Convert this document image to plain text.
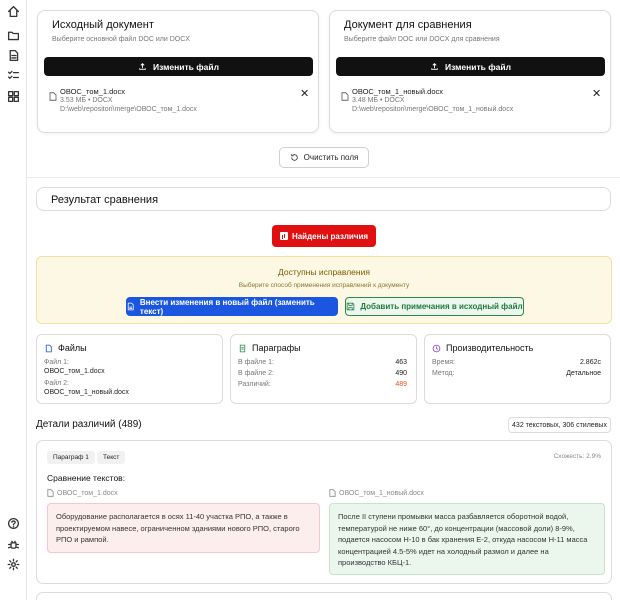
Исходный документ
Выберите основной файл DOC или DOCX
Изменить файл
ОВОС_том_1.docx
3.53 МБ • DOCX
D:\web\repositori\merge\ОВОС_том_1.docx
✕
Документ для сравнения
Выберите файл DOC или DOCX для сравнения
Изменить файл
ОВОС_том_1_новый.docx
3.48 МБ • DOCX
D:\web\repositori\merge\ОВОС_том_1_новый.docx
✕
Очистить поля
Результат сравнения
Найдены различия
Доступны исправления
Выберите способ применения исправлений к документу
Внести изменения в новый файл (заменить текст)	Добавить примечания в исходный файл
Файлы
Файл 1:
ОВОС_том_1.docx
Файл 2:
ОВОС_том_1_новый.docx
Параграфы
В файле 1:	463
В файле 2:	490
Различий:	489
Производительность
Время:	2.862с
Метод:	Детальное
Детали различий (489)	432 текстовых, 306 стилевых
Параграф 1	Текст	Схожесть: 2.9%
Сравнение текстов:
ОВОС_том_1.docx	ОВОС_том_1_новый.docx
Оборудование располагается в осях 11-40 участка РПО, а также в проектируемом навесе, ограниченном зданиями нового РПО, старого РПО и рампой.
После II ступени промывки масса разбавляется оборотной водой, температурой не ниже 60°, до концентрации (массовой доли) 8-9%, подается насосом Н-10 в бак хранения Е-2, откуда насосом Н-11 масса концентрацией 4.5-5% идет на холодный размол и далее на производство КБЦ-1.
